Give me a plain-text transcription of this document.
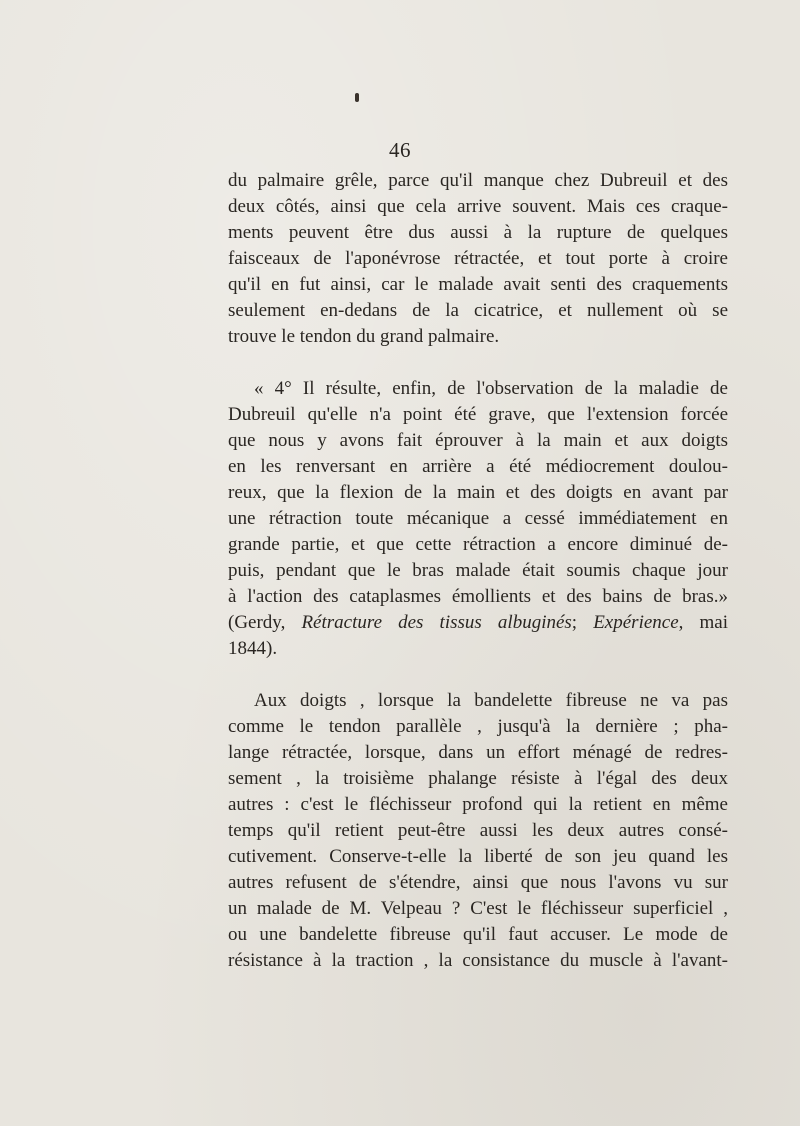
46
du palmaire grêle, parce qu'il manque chez Dubreuil et des
deux côtés, ainsi que cela arrive souvent. Mais ces craque-
ments peuvent être dus aussi à la rupture de quelques
faisceaux de l'aponévrose rétractée, et tout porte à croire
qu'il en fut ainsi, car le malade avait senti des craquements
seulement en-dedans de la cicatrice, et nullement où se
trouve le tendon du grand palmaire.
« 4° Il résulte, enfin, de l'observation de la maladie de
Dubreuil qu'elle n'a point été grave, que l'extension forcée
que nous y avons fait éprouver à la main et aux doigts
en les renversant en arrière a été médiocrement doulou-
reux, que la flexion de la main et des doigts en avant par
une rétraction toute mécanique a cessé immédiatement en
grande partie, et que cette rétraction a encore diminué de-
puis, pendant que le bras malade était soumis chaque jour
à l'action des cataplasmes émollients et des bains de bras.»
(Gerdy, Rétracture des tissus albuginés; Expérience, mai
1844).
Aux doigts , lorsque la bandelette fibreuse ne va pas
comme le tendon parallèle , jusqu'à la dernière ; pha-
lange rétractée, lorsque, dans un effort ménagé de redres-
sement , la troisième phalange résiste à l'égal des deux
autres : c'est le fléchisseur profond qui la retient en même
temps qu'il retient peut-être aussi les deux autres consé-
cutivement. Conserve-t-elle la liberté de son jeu quand les
autres refusent de s'étendre, ainsi que nous l'avons vu sur
un malade de M. Velpeau ? C'est le fléchisseur superficiel ,
ou une bandelette fibreuse qu'il faut accuser. Le mode de
résistance à la traction , la consistance du muscle à l'avant-
